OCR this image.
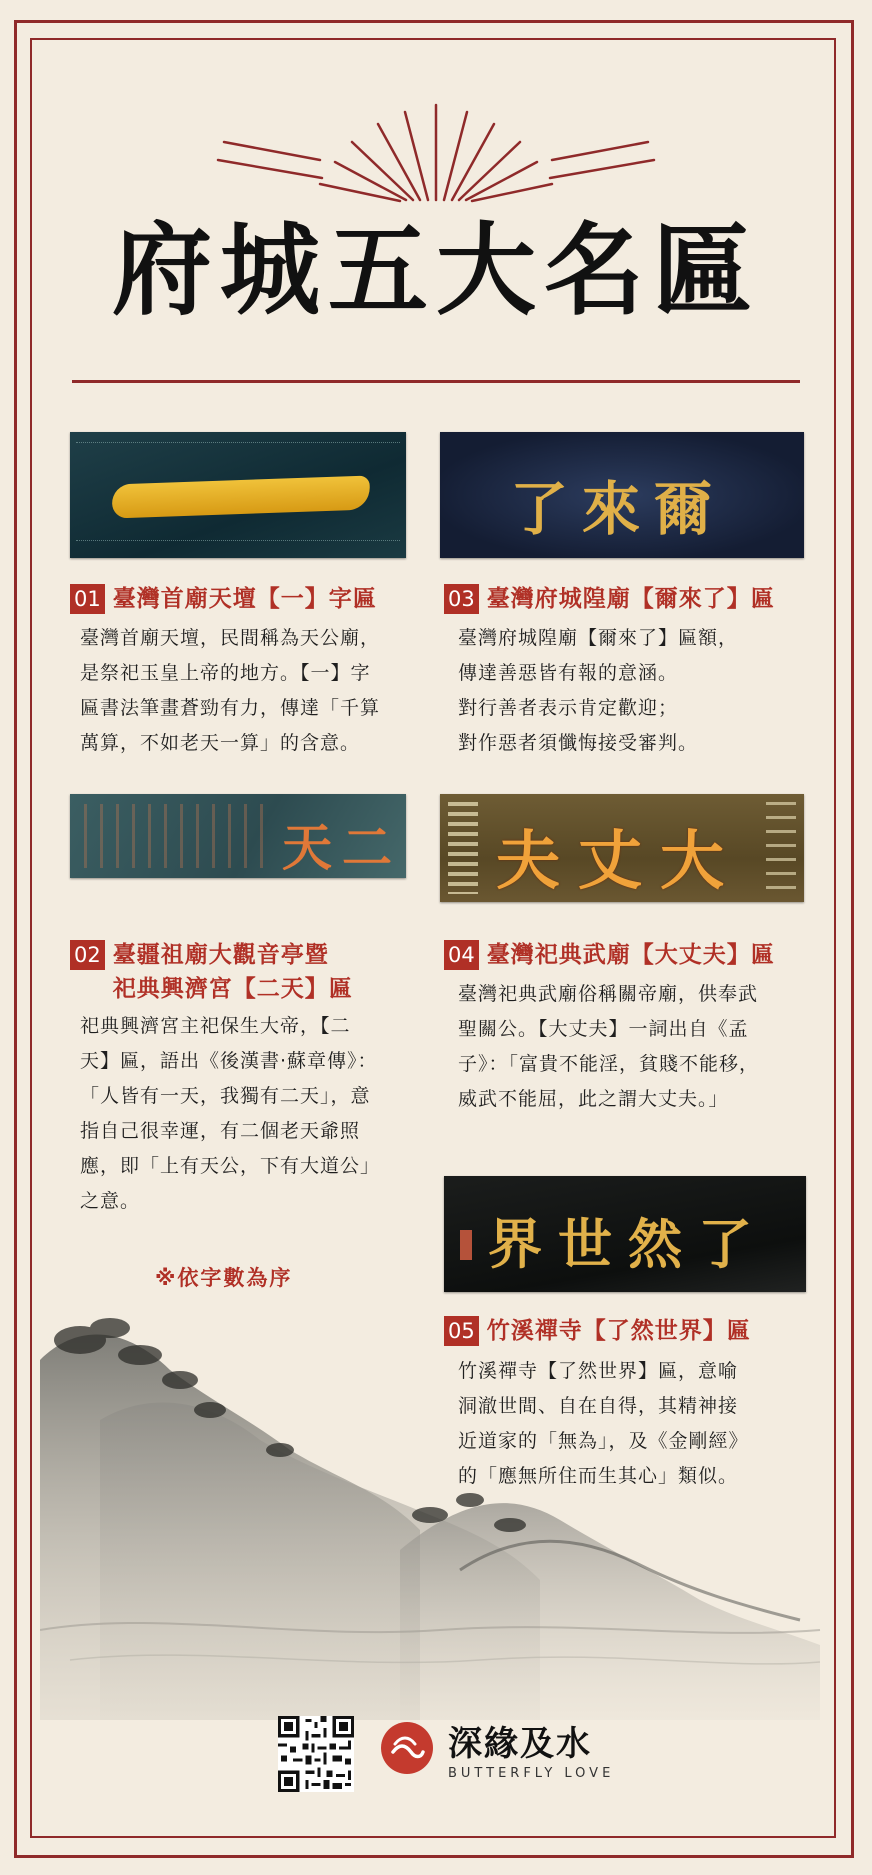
府城五大名匾
爾來了
01 臺灣首廟天壇【一】字匾
臺灣首廟天壇，民間稱為天公廟，
是祭祀玉皇上帝的地方。【一】字
匾書法筆畫蒼勁有力，傳達「千算
萬算，不如老天一算」的含意。
03 臺灣府城隍廟【爾來了】匾
臺灣府城隍廟【爾來了】匾額，
傳達善惡皆有報的意涵。
對行善者表示肯定歡迎；
對作惡者須懺悔接受審判。
二天 大丈夫
02 臺疆祖廟大觀音亭暨
祀典興濟宮【二天】匾
祀典興濟宮主祀保生大帝，【二
天】匾，語出《後漢書·蘇章傳》：
「人皆有一天，我獨有二天」，意
指自己很幸運，有二個老天爺照
應，即「上有天公，下有大道公」
之意。
04 臺灣祀典武廟【大丈夫】匾
臺灣祀典武廟俗稱關帝廟，供奉武
聖關公。【大丈夫】一詞出自《孟
子》：「富貴不能淫，貧賤不能移，
威武不能屈，此之謂大丈夫。」
了然世界
05 竹溪禪寺【了然世界】匾
竹溪禪寺【了然世界】匾，意喻
洞澈世間、自在自得，其精神接
近道家的「無為」，及《金剛經》
的「應無所住而生其心」類似。
※依字數為序
深緣及水
BUTTERFLY LOVE
